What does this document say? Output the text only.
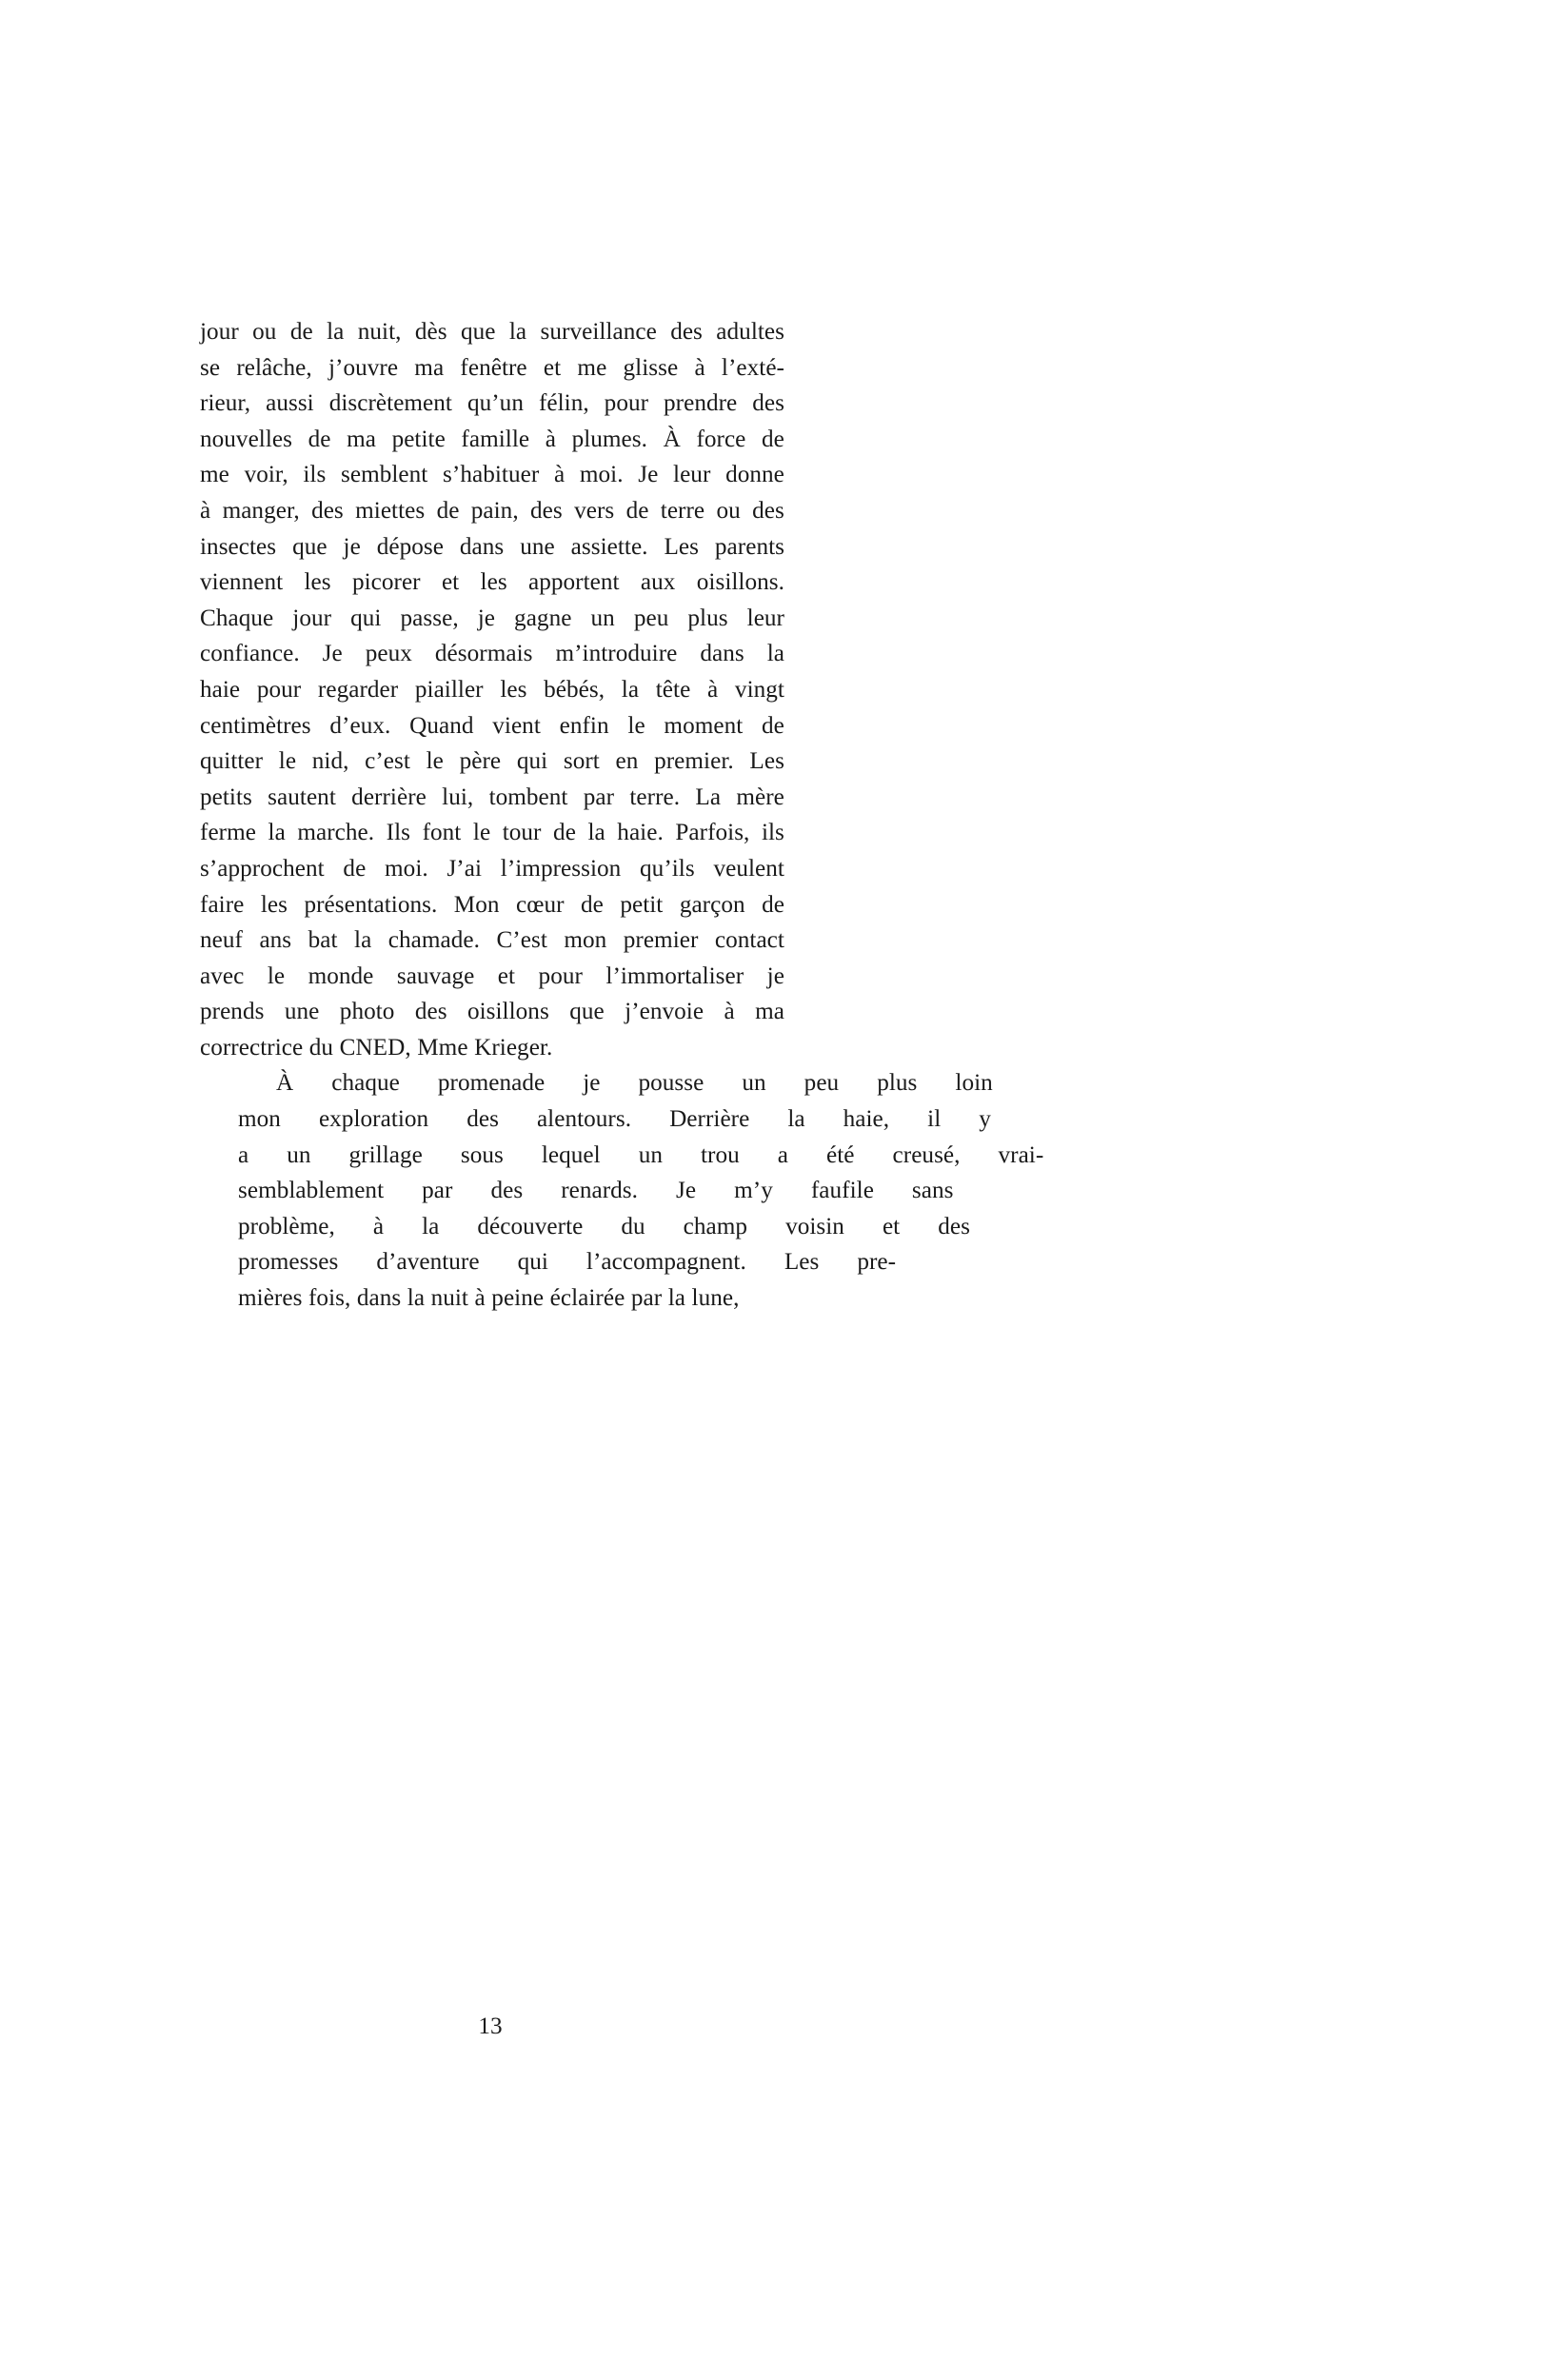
jour ou de la nuit, dès que la surveillance des adultes
se relâche, j’ouvre ma fenêtre et me glisse à l’exté-
rieur, aussi discrètement qu’un félin, pour prendre des
nouvelles de ma petite famille à plumes. À force de
me voir, ils semblent s’habituer à moi. Je leur donne
à manger, des miettes de pain, des vers de terre ou des
insectes que je dépose dans une assiette. Les parents
viennent les picorer et les apportent aux oisillons.
Chaque jour qui passe, je gagne un peu plus leur
confiance. Je peux désormais m’introduire dans la
haie pour regarder piailler les bébés, la tête à vingt
centimètres d’eux. Quand vient enfin le moment de
quitter le nid, c’est le père qui sort en premier. Les
petits sautent derrière lui, tombent par terre. La mère
ferme la marche. Ils font le tour de la haie. Parfois, ils
s’approchent de moi. J’ai l’impression qu’ils veulent
faire les présentations. Mon cœur de petit garçon de
neuf ans bat la chamade. C’est mon premier contact
avec le monde sauvage et pour l’immortaliser je
prends une photo des oisillons que j’envoie à ma
correctrice du CNED, Mme Krieger.
À	chaque	promenade	je	pousse	un	peu	plus	loin
mon	exploration	des	alentours.	Derrière	la	haie,	il	y
a	un	grillage	sous	lequel	un	trou	a	été	creusé,	vrai-
semblablement	par	des	renards.	Je	m’y	faufile	sans
problème,	à	la	découverte	du	champ	voisin	et	des
promesses	d’aventure	qui	l’accompagnent.	Les	pre-
mières fois, dans la nuit à peine éclairée par la lune,
13
